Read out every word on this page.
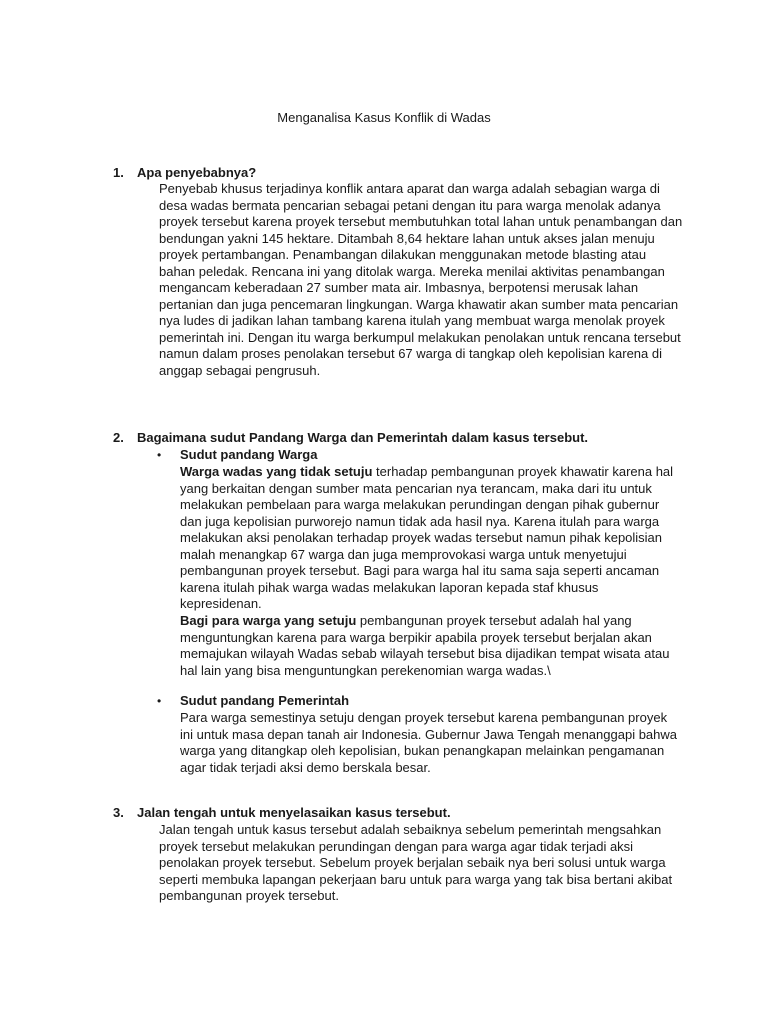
Menganalisa Kasus Konflik di Wadas
1. Apa penyebabnya?

Penyebab khusus terjadinya konflik antara aparat dan warga adalah sebagian warga di desa wadas bermata pencarian sebagai petani dengan itu para warga menolak adanya proyek tersebut karena proyek tersebut membutuhkan total lahan untuk penambangan dan bendungan yakni 145 hektare. Ditambah 8,64 hektare lahan untuk akses jalan menuju proyek pertambangan. Penambangan dilakukan menggunakan metode blasting atau bahan peledak. Rencana ini yang ditolak warga. Mereka menilai aktivitas penambangan mengancam keberadaan 27 sumber mata air. Imbasnya, berpotensi merusak lahan pertanian dan juga pencemaran lingkungan. Warga khawatir akan sumber mata pencarian nya ludes di jadikan lahan tambang karena itulah yang membuat warga menolak proyek pemerintah ini. Dengan itu warga berkumpul melakukan penolakan untuk rencana tersebut namun dalam proses penolakan tersebut 67 warga di tangkap oleh kepolisian karena di anggap sebagai pengrusuh.

2. Bagaimana sudut Pandang Warga dan Pemerintah dalam kasus tersebut.
• Sudut pandang Warga

Warga wadas yang tidak setuju terhadap pembangunan proyek khawatir karena hal yang berkaitan dengan sumber mata pencarian nya terancam, maka dari itu untuk melakukan pembelaan para warga melakukan perundingan dengan pihak gubernur dan juga kepolisian purworejo namun tidak ada hasil nya. Karena itulah para warga melakukan aksi penolakan terhadap proyek wadas tersebut namun pihak kepolisian malah menangkap 67 warga dan juga memprovokasi warga untuk menyetujui pembangunan proyek tersebut. Bagi para warga hal itu sama saja seperti ancaman karena itulah pihak warga wadas melakukan laporan kepada staf khusus kepresidenan.

Bagi para warga yang setuju pembangunan proyek tersebut adalah hal yang menguntungkan karena para warga berpikir apabila proyek tersebut berjalan akan memajukan wilayah Wadas sebab wilayah tersebut bisa dijadikan tempat wisata atau hal lain yang bisa menguntungkan perekenomian warga wadas.\

• Sudut pandang Pemerintah

Para warga semestinya setuju dengan proyek tersebut karena pembangunan proyek ini untuk masa depan tanah air Indonesia. Gubernur Jawa Tengah menanggapi bahwa warga yang ditangkap oleh kepolisian, bukan penangkapan melainkan pengamanan agar tidak terjadi aksi demo berskala besar.

3. Jalan tengah untuk menyelasaikan kasus tersebut.

Jalan tengah untuk kasus tersebut adalah sebaiknya sebelum pemerintah mengsahkan proyek tersebut melakukan perundingan dengan para warga agar tidak terjadi aksi penolakan proyek tersebut. Sebelum proyek berjalan sebaik nya beri solusi untuk warga seperti membuka lapangan pekerjaan baru untuk para warga yang tak bisa bertani akibat pembangunan proyek tersebut.
